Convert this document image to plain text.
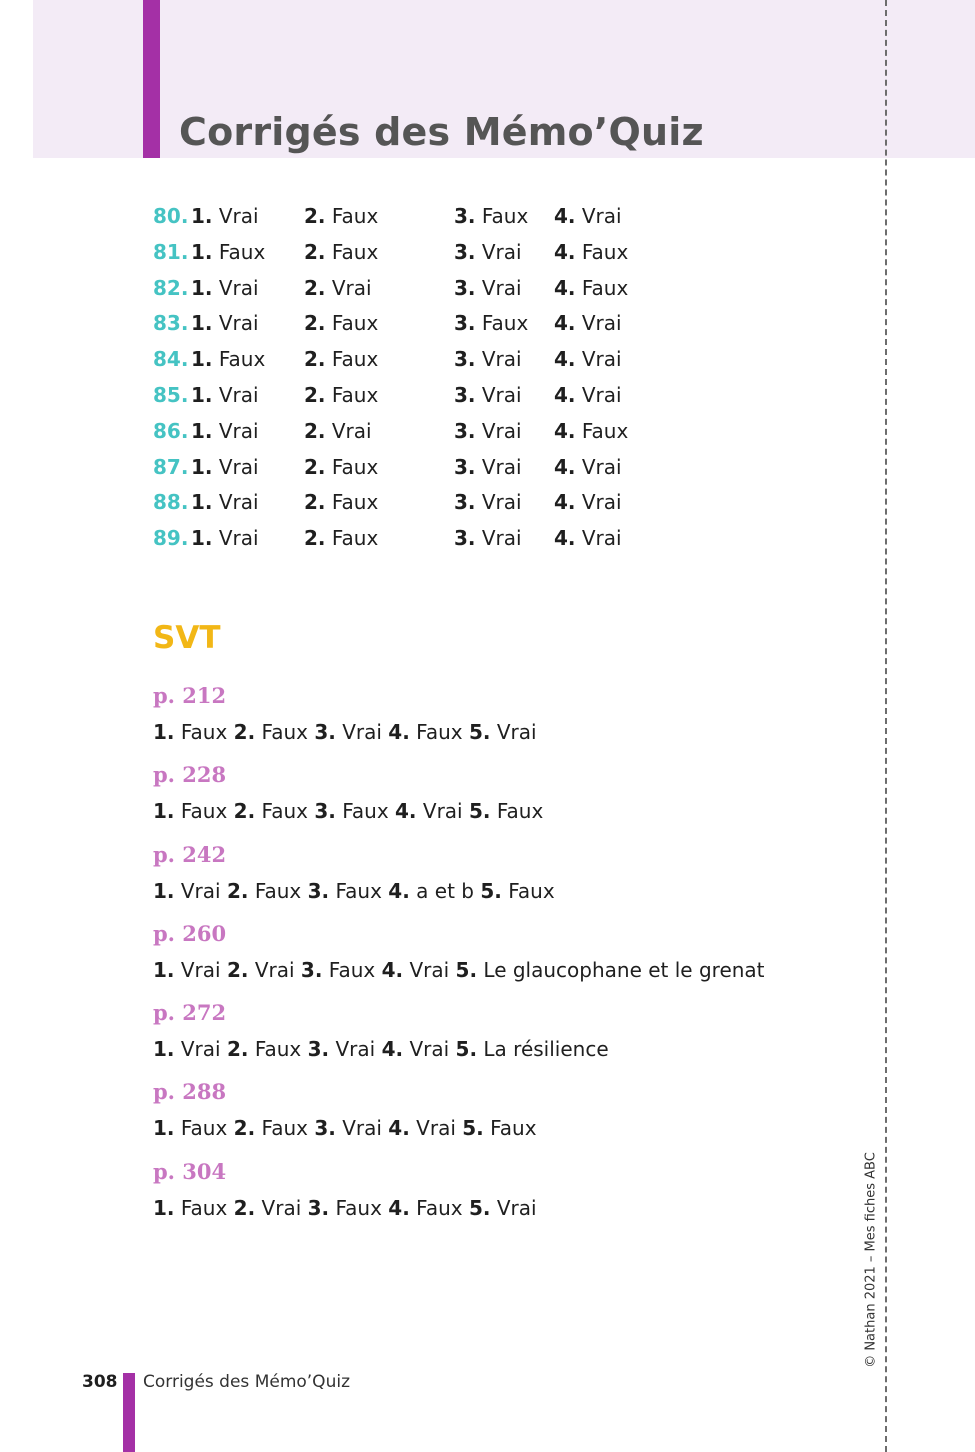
Corrigés des Mémo’Quiz
80. 1. Vrai 2. Faux	3. Faux 4. Vrai
81. 1. Faux 2. Faux	3. Vrai 4. Faux
82. 1. Vrai 2. Vrai	3. Vrai 4. Faux
83. 1. Vrai 2. Faux	3. Faux 4. Vrai
84. 1. Faux 2. Faux	3. Vrai 4. Vrai
85. 1. Vrai 2. Faux	3. Vrai 4. Vrai
86. 1. Vrai 2. Vrai	3. Vrai 4. Faux
87. 1. Vrai 2. Faux	3. Vrai 4. Vrai
88. 1. Vrai 2. Faux	3. Vrai 4. Vrai
89. 1. Vrai 2. Faux	3. Vrai 4. Vrai
SVT
p. 212
1. Faux 2. Faux 3. Vrai 4. Faux 5. Vrai
p. 228
1. Faux 2. Faux 3. Faux 4. Vrai 5. Faux
p. 242
1. Vrai 2. Faux 3. Faux 4. a et b 5. Faux
p. 260
1. Vrai 2. Vrai 3. Faux 4. Vrai 5. Le glaucophane et le grenat
p. 272
1. Vrai 2. Faux 3. Vrai 4. Vrai 5. La résilience
p. 288
1. Faux 2. Faux 3. Vrai 4. Vrai 5. Faux
p. 304
1. Faux 2. Vrai 3. Faux 4. Faux 5. Vrai	© Nathan 2021 – Mes fiches ABC
308 Corrigés des Mémo’Quiz
